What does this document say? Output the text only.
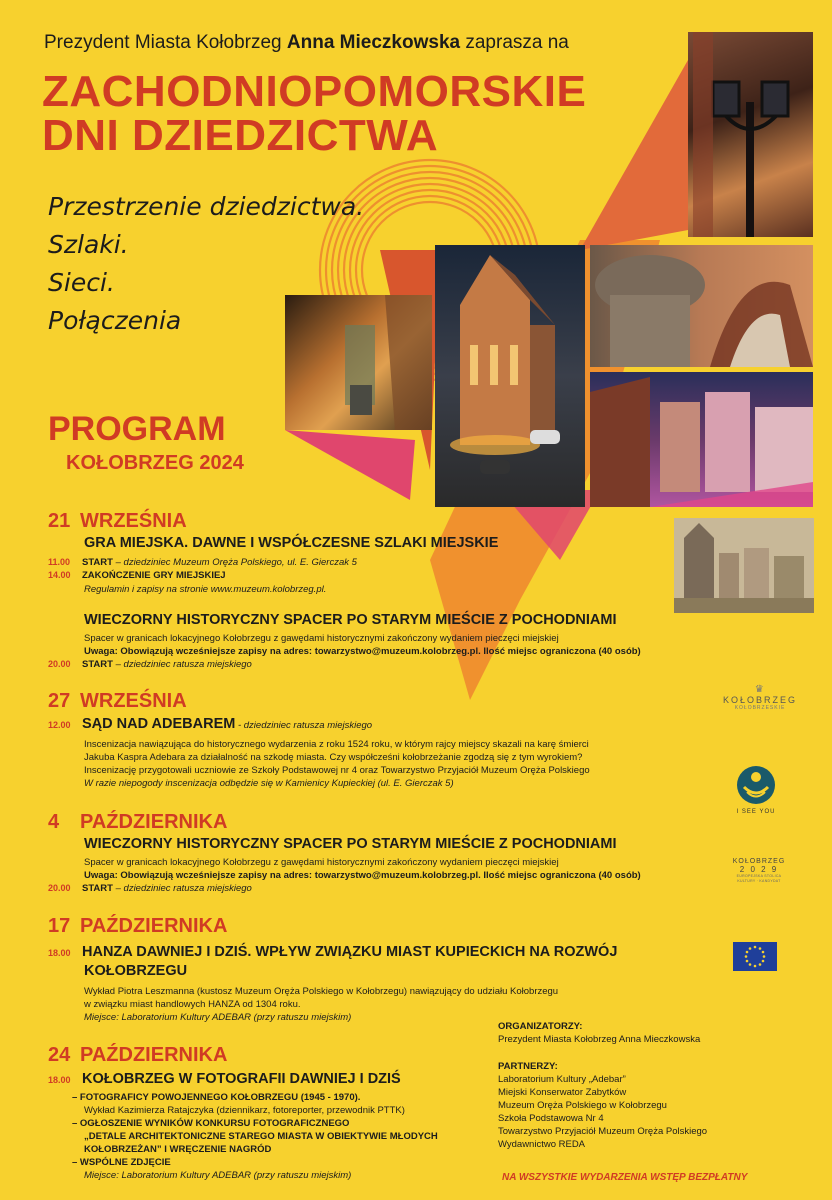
Prezydent Miasta Kołobrzeg Anna Mieczkowska zaprasza na
ZACHODNIOPOMORSKIE
DNI DZIEDZICTWA
Przestrzenie dziedzictwa.
Szlaki.
Sieci.
Połączenia
PROGRAM
KOŁOBRZEG 2024
21 WRZEŚNIA
GRA MIEJSKA. DAWNE I WSPÓŁCZESNE SZLAKI MIEJSKIE
11.00 START – dziedziniec Muzeum Oręża Polskiego, ul. E. Gierczak 5
14.00 ZAKOŃCZENIE GRY MIEJSKIEJ
Regulamin i zapisy na stronie www.muzeum.kolobrzeg.pl.
WIECZORNY HISTORYCZNY SPACER PO STARYM MIEŚCIE Z POCHODNIAMI
Spacer w granicach lokacyjnego Kołobrzegu z gawędami historycznymi zakończony wydaniem pieczęci miejskiej
Uwaga: Obowiązują wcześniejsze zapisy na adres: towarzystwo@muzeum.kolobrzeg.pl. Ilość miejsc ograniczona (40 osób)
20.00 START – dziedziniec ratusza miejskiego
27 WRZEŚNIA
12.00 SĄD NAD ADEBAREM - dziedziniec ratusza miejskiego
Inscenizacja nawiązująca do historycznego wydarzenia z roku 1524 roku, w którym rajcy miejscy skazali na karę śmierci
Jakuba Kaspra Adebara za działalność na szkodę miasta. Czy współcześni kołobrzeżanie zgodzą się z tym wyrokiem?
Inscenizację przygotowali uczniowie ze Szkoły Podstawowej nr 4 oraz Towarzystwo Przyjaciół Muzeum Oręża Polskiego
W razie niepogody inscenizacja odbędzie się w Kamienicy Kupieckiej (ul. E. Gierczak 5)
4 PAŹDZIERNIKA
WIECZORNY HISTORYCZNY SPACER PO STARYM MIEŚCIE Z POCHODNIAMI
Spacer w granicach lokacyjnego Kołobrzegu z gawędami historycznymi zakończony wydaniem pieczęci miejskiej
Uwaga: Obowiązują wcześniejsze zapisy na adres: towarzystwo@muzeum.kolobrzeg.pl. Ilość miejsc ograniczona (40 osób)
20.00 START – dziedziniec ratusza miejskiego
17 PAŹDZIERNIKA
18.00 HANZA DAWNIEJ I DZIŚ. WPŁYW ZWIĄZKU MIAST KUPIECKICH NA ROZWÓJ
KOŁOBRZEGU
Wykład Piotra Leszmanna (kustosz Muzeum Oręża Polskiego w Kołobrzegu) nawiązujący do udziału Kołobrzegu
w związku miast handlowych HANZA od 1304 roku.
Miejsce: Laboratorium Kultury ADEBAR (przy ratuszu miejskim)
24 PAŹDZIERNIKA
18.00 KOŁOBRZEG W FOTOGRAFII DAWNIEJ I DZIŚ
– FOTOGRAFICY POWOJENNEGO KOŁOBRZEGU (1945 - 1970).
Wykład Kazimierza Ratajczyka (dziennikarz, fotoreporter, przewodnik PTTK)
– OGŁOSZENIE WYNIKÓW KONKURSU FOTOGRAFICZNEGO
„DETALE ARCHITEKTONICZNE STAREGO MIASTA W OBIEKTYWIE MŁODYCH
KOŁOBRZEŻAN” I WRĘCZENIE NAGRÓD
– WSPÓLNE ZDJĘCIE
Miejsce: Laboratorium Kultury ADEBAR (przy ratuszu miejskim)
ORGANIZATORZY:
Prezydent Miasta Kołobrzeg Anna Mieczkowska
PARTNERZY:
Laboratorium Kultury „Adebar”
Miejski Konserwator Zabytków
Muzeum Oręża Polskiego w Kołobrzegu
Szkoła Podstawowa Nr 4
Towarzystwo Przyjaciół Muzeum Oręża Polskiego
Wydawnictwo REDA
NA WSZYSTKIE WYDARZENIA WSTĘP BEZPŁATNY
♛
KOŁOBRZEG
KOŁOBRZESKIE
I SEE YOU
KOŁOBRZEG
2 0 2 9
EUROPEJSKA STOLICA KULTURY · KANDYDAT
